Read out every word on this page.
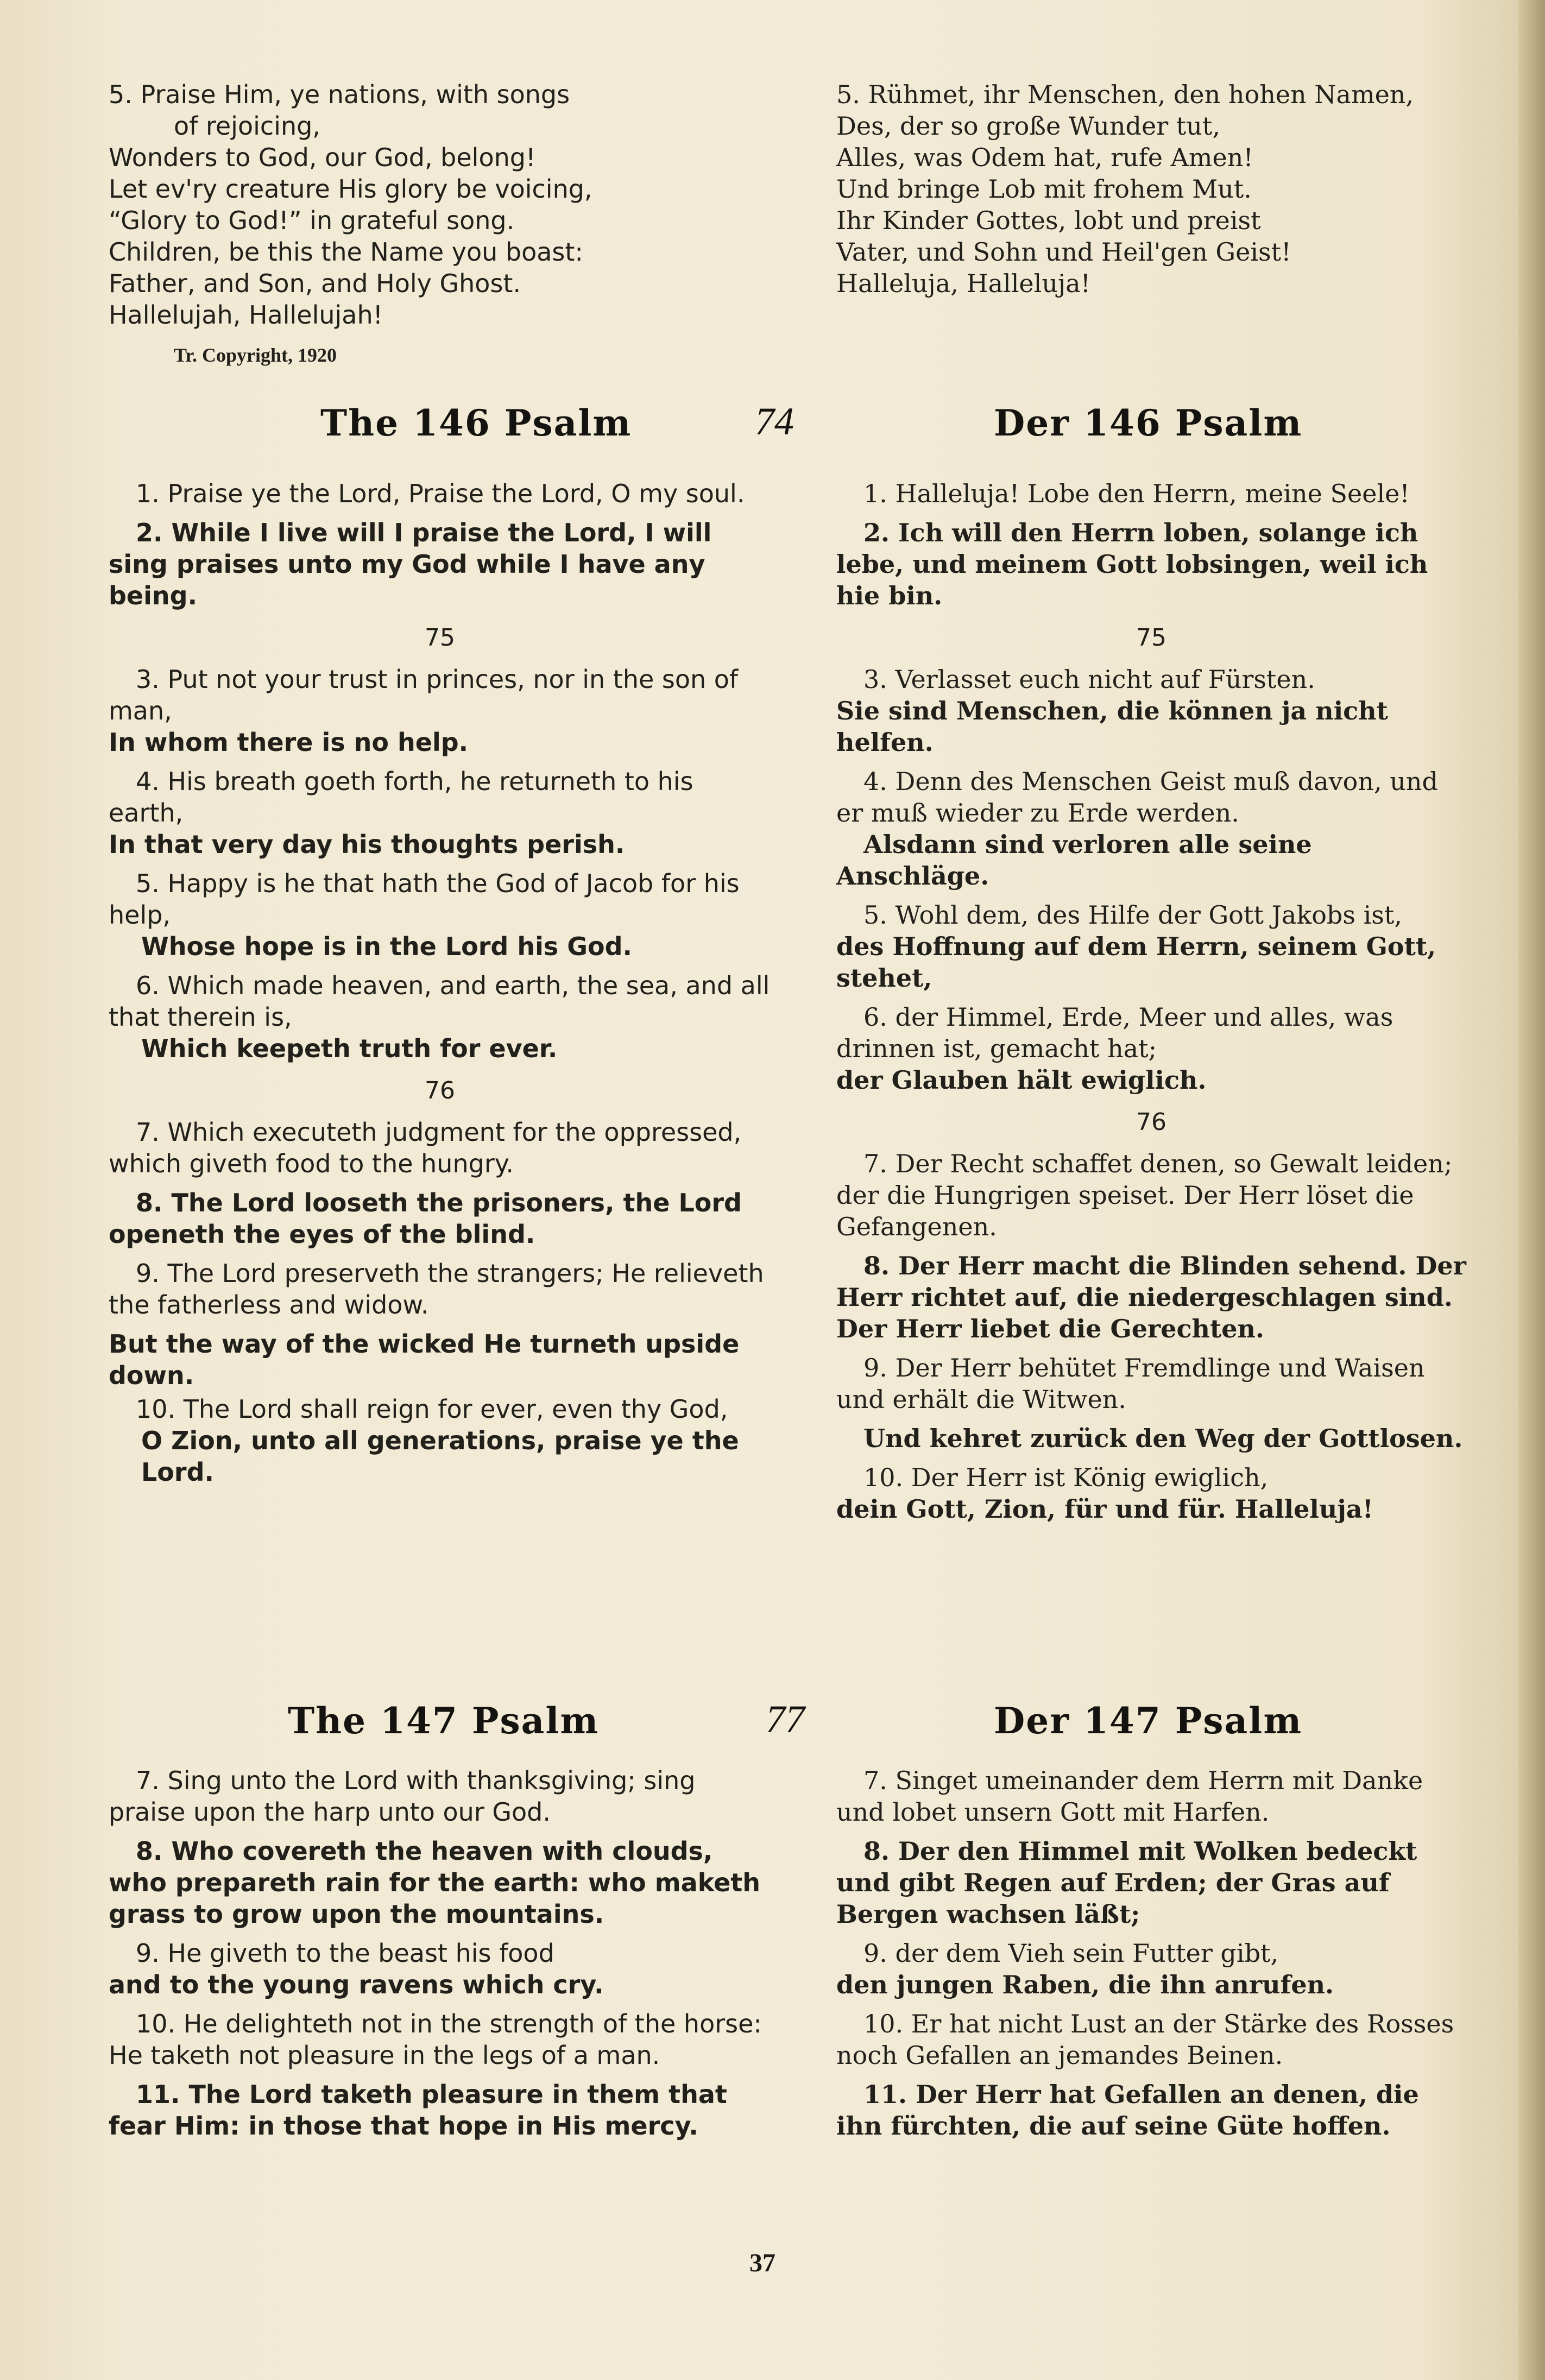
5. Praise Him, ye nations, with songs
of rejoicing,
Wonders to God, our God, belong!
Let ev'ry creature His glory be voicing,
“Glory to God!” in grateful song.
Children, be this the Name you boast:
Father, and Son, and Holy Ghost.
Hallelujah, Hallelujah!
Tr. Copyright, 1920
5. Rühmet, ihr Menschen, den hohen Namen,
Des, der so große Wunder tut,
Alles, was Odem hat, rufe Amen!
Und bringe Lob mit frohem Mut.
Ihr Kinder Gottes, lobt und preist
Vater, und Sohn und Heil'gen Geist!
Halleluja, Halleluja!
The 146 Psalm	74	Der 146 Psalm

1. Praise ye the Lord, Praise the Lord, O my soul.

2. While I live will I praise the Lord, I will sing praises unto my God while I have any being.

75

3. Put not your trust in princes, nor in the son of man,

In whom there is no help.

4. His breath goeth forth, he returneth to his earth,

In that very day his thoughts perish.

5. Happy is he that hath the God of Jacob for his help,

Whose hope is in the Lord his God.

6. Which made heaven, and earth, the sea, and all that therein is,

Which keepeth truth for ever.

76

7. Which executeth judgment for the oppressed, which giveth food to the hungry.

8. The Lord looseth the prisoners, the Lord openeth the eyes of the blind.

9. The Lord preserveth the strangers; He relieveth the fatherless and widow.

But the way of the wicked He turneth upside down.

10. The Lord shall reign for ever, even thy God,

O Zion, unto all generations, praise ye the Lord.

1. Halleluja! Lobe den Herrn, meine Seele!

2. Ich will den Herrn loben, solange ich lebe, und meinem Gott lobsingen, weil ich hie bin.

75

3. Verlasset euch nicht auf Fürsten.

Sie sind Menschen, die können ja nicht helfen.

4. Denn des Menschen Geist muß davon, und er muß wieder zu Erde werden.

Alsdann sind verloren alle seine Anschläge.

5. Wohl dem, des Hilfe der Gott Jakobs ist,

des Hoffnung auf dem Herrn, seinem Gott, stehet,

6. der Himmel, Erde, Meer und alles, was drinnen ist, gemacht hat;

der Glauben hält ewiglich.

76

7. Der Recht schaffet denen, so Gewalt leiden; der die Hungrigen speiset. Der Herr löset die Gefangenen.

8. Der Herr macht die Blinden sehend. Der Herr richtet auf, die niedergeschlagen sind. Der Herr liebet die Gerechten.

9. Der Herr behütet Fremdlinge und Waisen und erhält die Witwen.

Und kehret zurück den Weg der Gottlosen.

10. Der Herr ist König ewiglich,

dein Gott, Zion, für und für. Halleluja!

The 147 Psalm	77	Der 147 Psalm

7. Sing unto the Lord with thanksgiving; sing praise upon the harp unto our God.

8. Who covereth the heaven with clouds, who prepareth rain for the earth: who maketh grass to grow upon the mountains.

9. He giveth to the beast his food

and to the young ravens which cry.

10. He delighteth not in the strength of the horse: He taketh not pleasure in the legs of a man.

11. The Lord taketh pleasure in them that fear Him: in those that hope in His mercy.

7. Singet umeinander dem Herrn mit Danke und lobet unsern Gott mit Harfen.

8. Der den Himmel mit Wolken bedeckt und gibt Regen auf Erden; der Gras auf Bergen wachsen läßt;

9. der dem Vieh sein Futter gibt,

den jungen Raben, die ihn anrufen.

10. Er hat nicht Lust an der Stärke des Rosses noch Gefallen an jemandes Beinen.

11. Der Herr hat Gefallen an denen, die ihn fürchten, die auf seine Güte hoffen.

37
